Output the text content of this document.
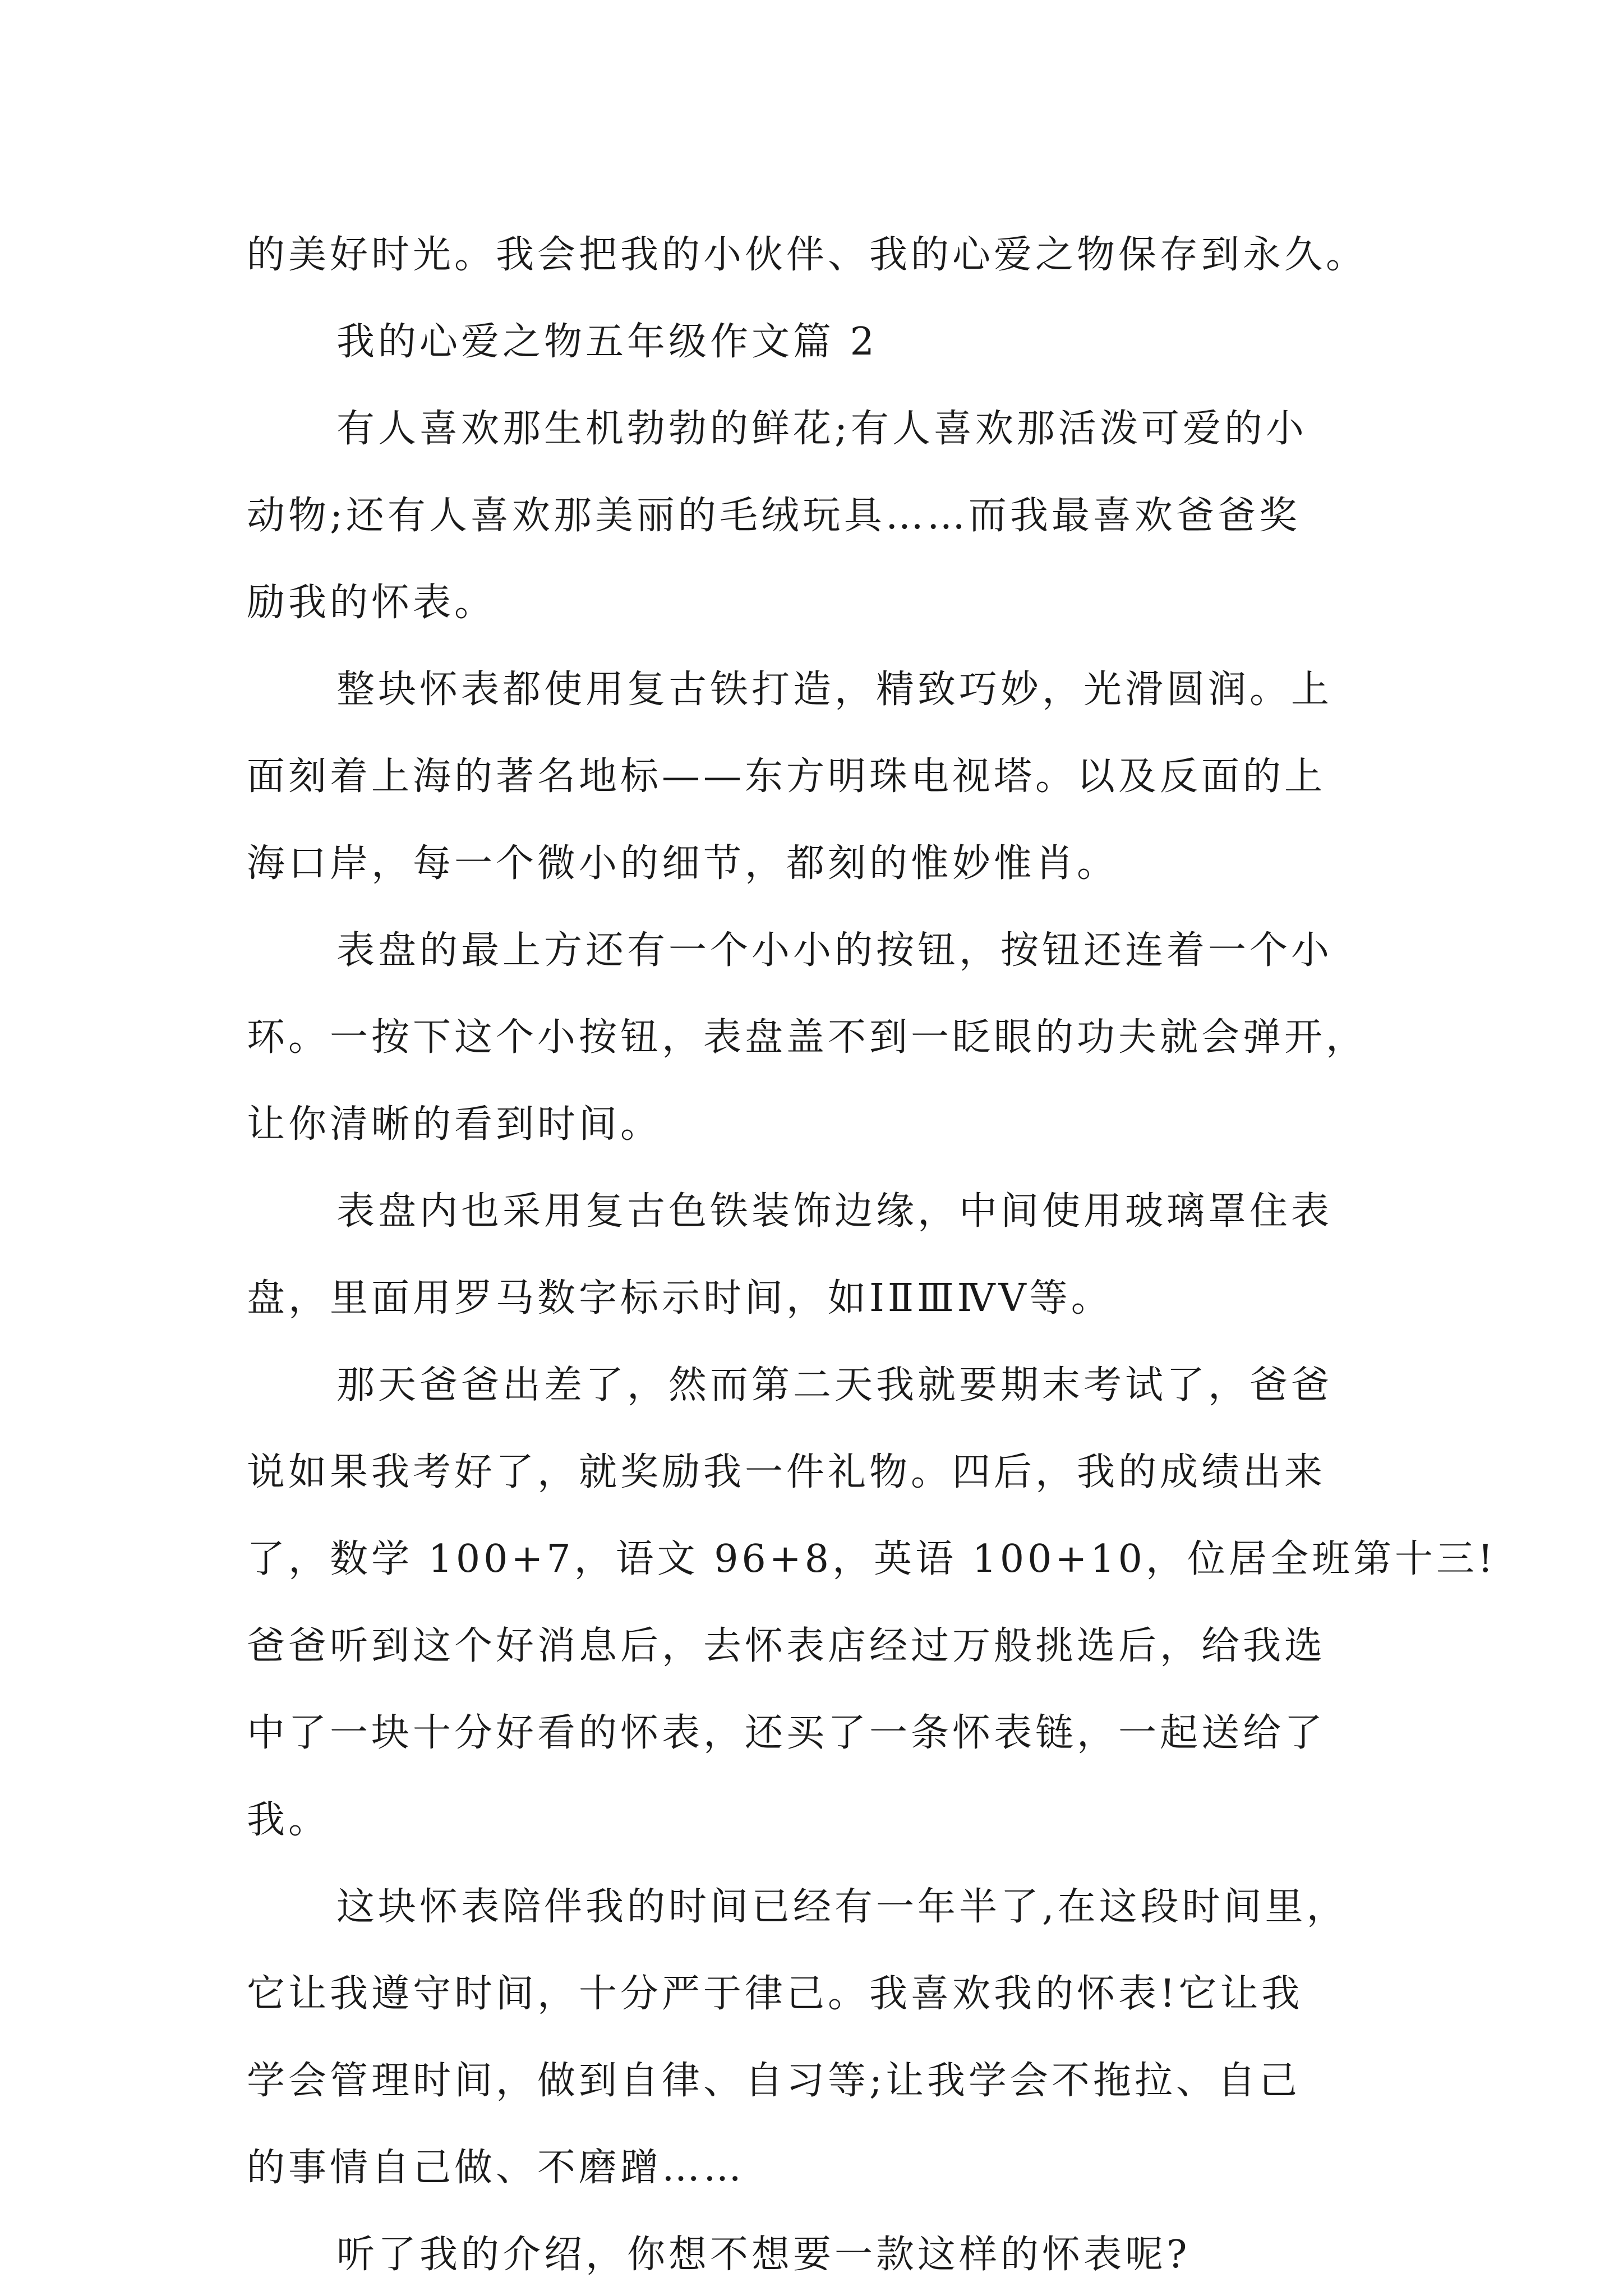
的美好时光。我会把我的小伙伴、我的心爱之物保存到永久。
我的心爱之物五年级作文篇 2
有人喜欢那生机勃勃的鲜花;有人喜欢那活泼可爱的小
动物;还有人喜欢那美丽的毛绒玩具……而我最喜欢爸爸奖
励我的怀表。
整块怀表都使用复古铁打造，精致巧妙，光滑圆润。上
面刻着上海的著名地标——东方明珠电视塔。以及反面的上
海口岸，每一个微小的细节，都刻的惟妙惟肖。
表盘的最上方还有一个小小的按钮，按钮还连着一个小
环。一按下这个小按钮，表盘盖不到一眨眼的功夫就会弹开，
让你清晰的看到时间。
表盘内也采用复古色铁装饰边缘，中间使用玻璃罩住表
盘，里面用罗马数字标示时间，如ⅠⅡⅢⅣⅤ等。
那天爸爸出差了，然而第二天我就要期末考试了，爸爸
说如果我考好了，就奖励我一件礼物。四后，我的成绩出来
了，数学 100+7，语文 96+8，英语 100+10，位居全班第十三!
爸爸听到这个好消息后，去怀表店经过万般挑选后，给我选
中了一块十分好看的怀表，还买了一条怀表链，一起送给了
我。
这块怀表陪伴我的时间已经有一年半了,在这段时间里，
它让我遵守时间，十分严于律己。我喜欢我的怀表!它让我
学会管理时间，做到自律、自习等;让我学会不拖拉、自己
的事情自己做、不磨蹭……
听了我的介绍，你想不想要一款这样的怀表呢?
